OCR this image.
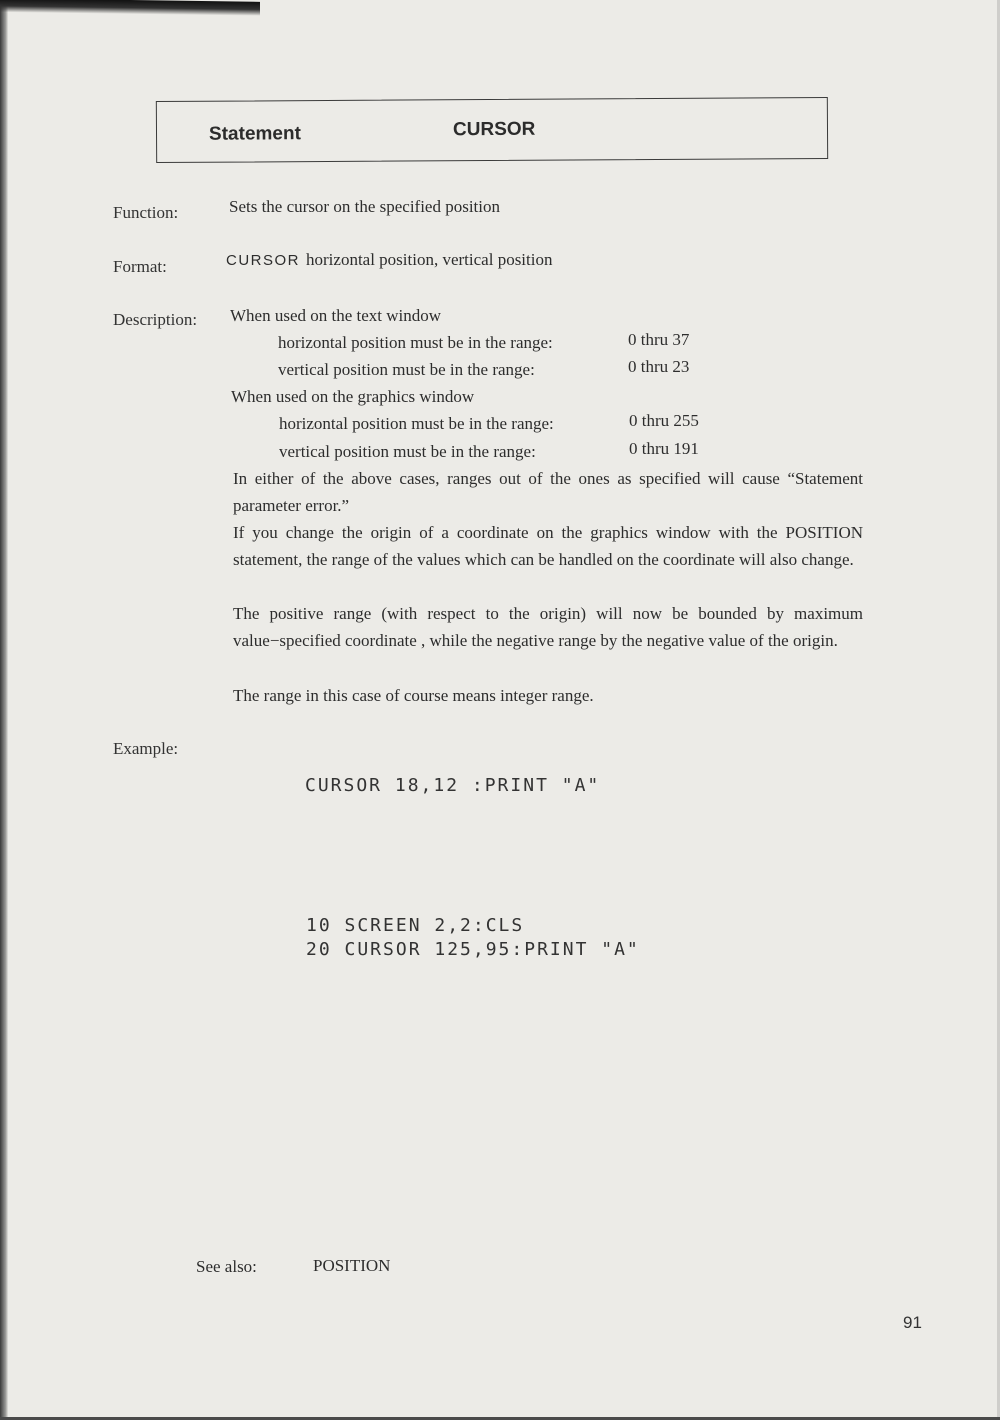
Statement	CURSOR
Function:	Sets the cursor on the specified position
Format:	CURSOR horizontal position, vertical position
Description: When used on the text window
horizontal position must be in the range:	0 thru 37
vertical position must be in the range:	0 thru 23
When used on the graphics window
horizontal position must be in the range:	0 thru 255
vertical position must be in the range:	0 thru 191
In either of the above cases, ranges out of the ones as specified will cause “Statement parameter error.”
If you change the origin of a coordinate on the graphics window with the POSITION statement, the range of the values which can be handled on the coordinate will also change.
The positive range (with respect to the origin) will now be bounded by maximum value−specified coordinate , while the negative range by the negative value of the origin.
The range in this case of course means integer range.
Example:
CURSOR 18,12 :PRINT "A"
10 SCREEN 2,2:CLS
20 CURSOR 125,95:PRINT "A"
See also:	POSITION
91
